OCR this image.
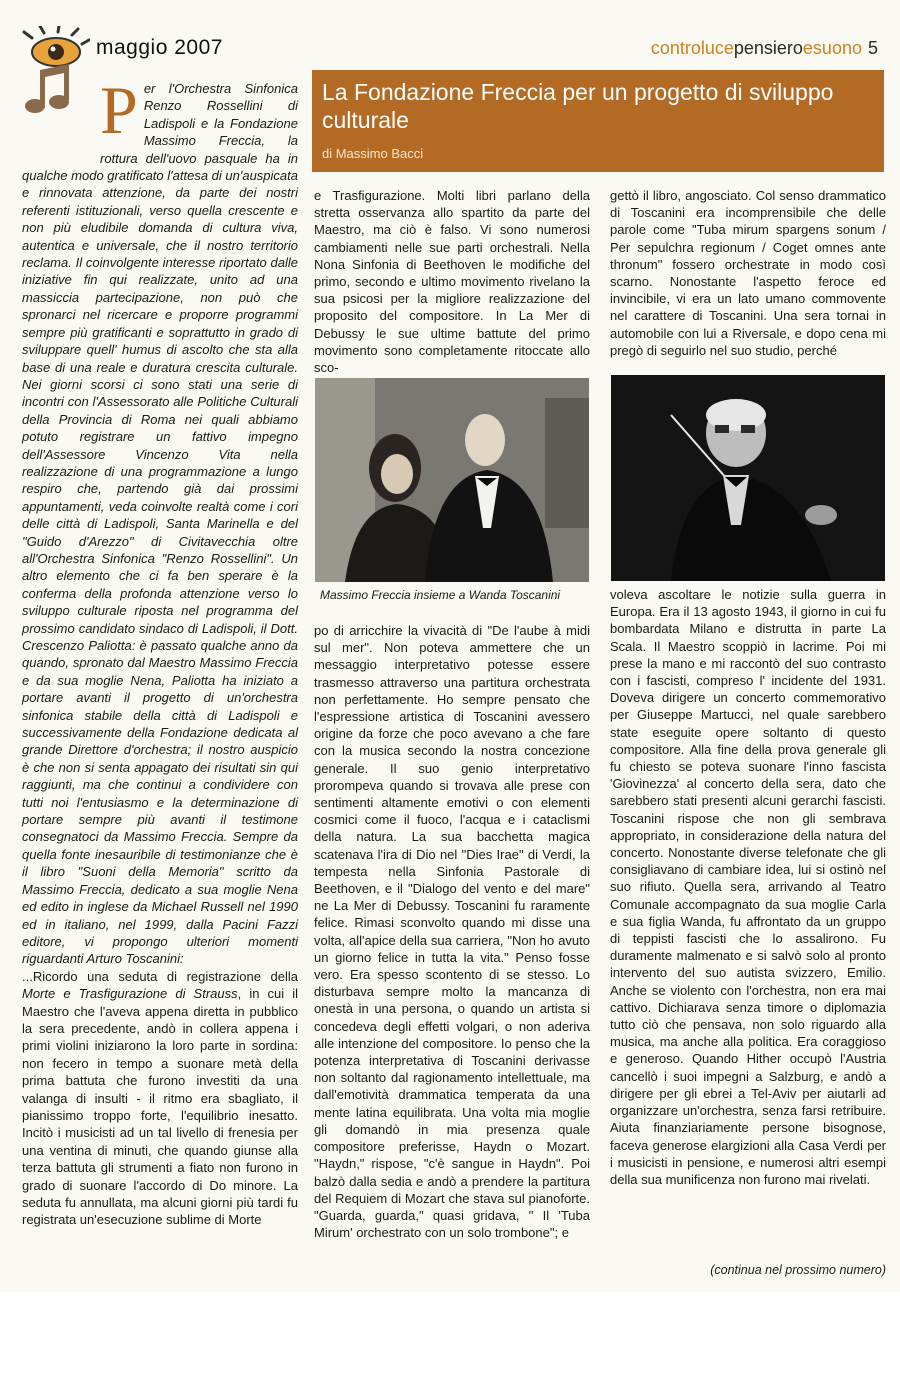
maggio 2007	controlucepensieroesuono 5
La Fondazione Freccia per un progetto di sviluppo culturale
di Massimo Bacci
P er l'Orchestra Sinfonica Renzo Rossellini di Ladispoli e la Fondazione Massimo Freccia, la rottura dell'uovo pasquale ha in qualche modo gratificato l'attesa di un'auspicata e rinnovata attenzione, da parte dei nostri referenti istituzionali, verso quella crescente e non più eludibile domanda di cultura viva, autentica e universale, che il nostro territorio reclama. Il coinvolgente interesse riportato dalle iniziative fin qui realizzate, unito ad una massiccia partecipazione, non può che spronarci nel ricercare e proporre programmi sempre più gratificanti e soprattutto in grado di sviluppare quell' humus di ascolto che sta alla base di una reale e duratura crescita culturale. Nei giorni scorsi ci sono stati una serie di incontri con l'Assessorato alle Politiche Culturali della Provincia di Roma nei quali abbiamo potuto registrare un fattivo impegno dell'Assessore Vincenzo Vita nella realizzazione di una programmazione a lungo respiro che, partendo già dai prossimi appuntamenti, veda coinvolte realtà come i cori delle città di Ladispoli, Santa Marinella e del "Guido d'Arezzo" di Civitavecchia oltre all'Orchestra Sinfonica "Renzo Rossellini". Un altro elemento che ci fa ben sperare è la conferma della profonda attenzione verso lo sviluppo culturale riposta nel programma del prossimo candidato sindaco di Ladispoli, il Dott. Crescenzo Paliotta: è passato qualche anno da quando, spronato dal Maestro Massimo Freccia e da sua moglie Nena, Paliotta ha iniziato a portare avanti il progetto di un'orchestra sinfonica stabile della città di Ladispoli e successivamente della Fondazione dedicata al grande Direttore d'orchestra; il nostro auspicio è che non si senta appagato dei risultati sin qui raggiunti, ma che continui a condividere con tutti noi l'entusiasmo e la determinazione di portare sempre più avanti il testimone consegnatoci da Massimo Freccia. Sempre da quella fonte inesauribile di testimonianze che è il libro "Suoni della Memoria" scritto da Massimo Freccia, dedicato a sua moglie Nena ed edito in inglese da Michael Russell nel 1990 ed in italiano, nel 1999, dalla Pacini Fazzi editore, vi propongo ulteriori momenti riguardanti Arturo Toscanini:

...Ricordo una seduta di registrazione della Morte e Trasfigurazione di Strauss, in cui il Maestro che l'aveva appena diretta in pubblico la sera precedente, andò in collera appena i primi violini iniziarono la loro parte in sordina: non fecero in tempo a suonare metà della prima battuta che furono investiti da una valanga di insulti - il ritmo era sbagliato, il pianissimo troppo forte, l'equilibrio inesatto. Incitò i musicisti ad un tal livello di frenesia per una ventina di minuti, che quando giunse alla terza battuta gli strumenti a fiato non furono in grado di suonare l'accordo di Do minore. La seduta fu annullata, ma alcuni giorni più tardi fu registrata un'esecuzione sublime di Morte

e Trasfigurazione. Molti libri parlano della stretta osservanza allo spartito da parte del Maestro, ma ciò è falso. Vi sono numerosi cambiamenti nelle sue parti orchestrali. Nella Nona Sinfonia di Beethoven le modifiche del primo, secondo e ultimo movimento rivelano la sua psicosi per la migliore realizzazione del proposito del compositore. In La Mer di Debussy le sue ultime battute del primo movimento sono completamente ritoccate allo sco-

Massimo Freccia insieme a Wanda Toscanini

po di arricchire la vivacità di "De l'aube à midi sul mer". Non poteva ammettere che un messaggio interpretativo potesse essere trasmesso attraverso una partitura orchestrata non perfettamente. Ho sempre pensato che l'espressione artistica di Toscanini avessero origine da forze che poco avevano a che fare con la musica secondo la nostra concezione generale. Il suo genio interpretativo prorompeva quando si trovava alle prese con sentimenti altamente emotivi o con elementi cosmici come il fuoco, l'acqua e i cataclismi della natura. La sua bacchetta magica scatenava l'ira di Dio nel "Dies Irae" di Verdi, la tempesta nella Sinfonia Pastorale di Beethoven, e il "Dialogo del vento e del mare" ne La Mer di Debussy. Toscanini fu raramente felice. Rimasi sconvolto quando mi disse una volta, all'apice della sua carriera, "Non ho avuto un giorno felice in tutta la vita." Penso fosse vero. Era spesso scontento di se stesso. Lo disturbava sempre molto la mancanza di onestà in una persona, o quando un artista si concedeva degli effetti volgari, o non aderiva alle intenzione del compositore. Io penso che la potenza interpretativa di Toscanini derivasse non soltanto dal ragionamento intellettuale, ma dall'emotività drammatica temperata da una mente latina equilibrata. Una volta mia moglie gli domandò in mia presenza quale compositore preferisse, Haydn o Mozart. "Haydn," rispose, "c'è sangue in Haydn". Poi balzò dalla sedia e andò a prendere la partitura del Requiem di Mozart che stava sul pianoforte. "Guarda, guarda," quasi gridava, " Il 'Tuba Mirum' orchestrato con un solo trombone"; e

gettò il libro, angosciato. Col senso drammatico di Toscanini era incomprensibile che delle parole come "Tuba mirum spargens sonum / Per sepulchra regionum / Coget omnes ante thronum" fossero orchestrate in modo così scarno. Nonostante l'aspetto feroce ed invincibile, vi era un lato umano commovente nel carattere di Toscanini. Una sera tornai in automobile con lui a Riversale, e dopo cena mi pregò di seguirlo nel suo studio, perché

voleva ascoltare le notizie sulla guerra in Europa. Era il 13 agosto 1943, il giorno in cui fu bombardata Milano e distrutta in parte La Scala. Il Maestro scoppiò in lacrime. Poi mi prese la mano e mi raccontò del suo contrasto con i fascisti, compreso l' incidente del 1931. Doveva dirigere un concerto commemorativo per Giuseppe Martucci, nel quale sarebbero state eseguite opere soltanto di questo compositore. Alla fine della prova generale gli fu chiesto se poteva suonare l'inno fascista 'Giovinezza' al concerto della sera, dato che sarebbero stati presenti alcuni gerarchi fascisti. Toscanini rispose che non gli sembrava appropriato, in considerazione della natura del concerto. Nonostante diverse telefonate che gli consigliavano di cambiare idea, lui si ostinò nel suo rifiuto. Quella sera, arrivando al Teatro Comunale accompagnato da sua moglie Carla e sua figlia Wanda, fu affrontato da un gruppo di teppisti fascisti che lo assalirono. Fu duramente malmenato e si salvò solo al pronto intervento del suo autista svizzero, Emilio. Anche se violento con l'orchestra, non era mai cattivo. Dichiarava senza timore o diplomazia tutto ciò che pensava, non solo riguardo alla musica, ma anche alla politica. Era coraggioso e generoso. Quando Hither occupò l'Austria cancellò i suoi impegni a Salzburg, e andò a dirigere per gli ebrei a Tel-Aviv per aiutarli ad organizzare un'orchestra, senza farsi retribuire. Aiuta finanziariamente persone bisognose, faceva generose elargizioni alla Casa Verdi per i musicisti in pensione, e numerosi altri esempi della sua munificenza non furono mai rivelati.

(continua nel prossimo numero)
